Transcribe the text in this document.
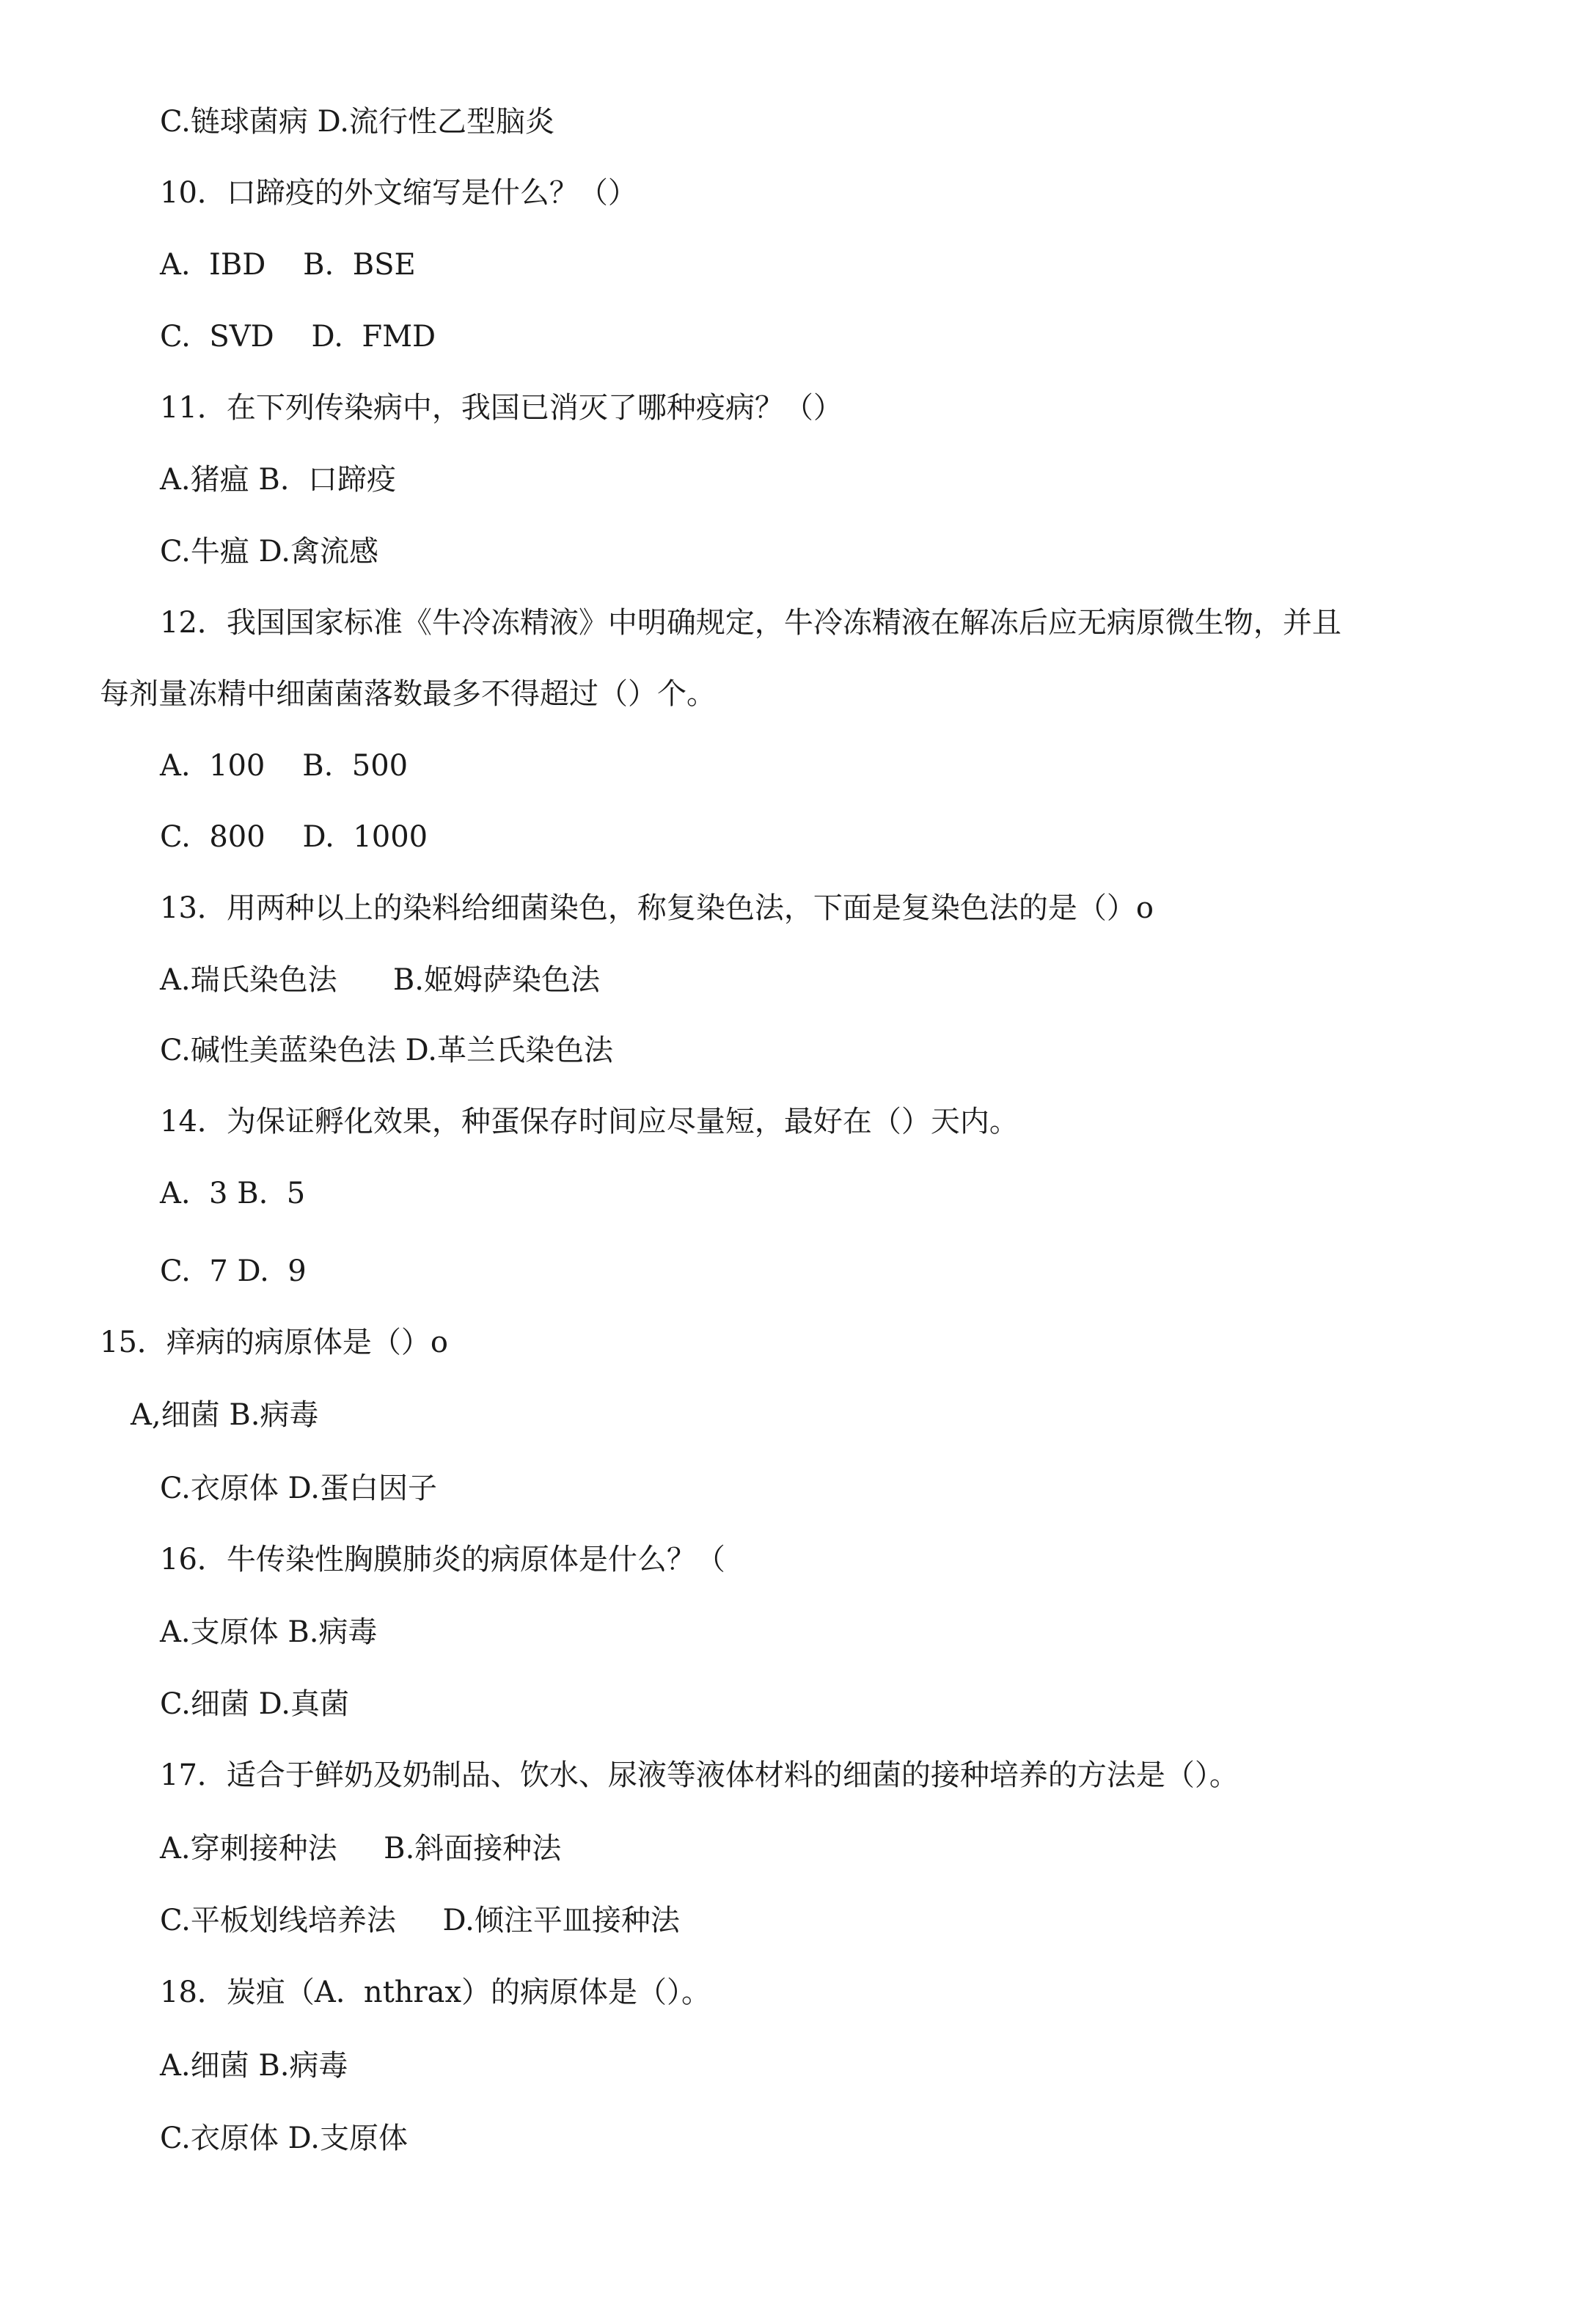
C.链球菌病 D.流行性乙型脑炎
10．口蹄疫的外文缩写是什么？（）
A.  IBD    B.  BSE
C.  SVD    D.  FMD
11．在下列传染病中，我国已消灭了哪种疫病？（）
A.猪瘟 B.  口蹄疫
C.牛瘟 D.禽流感
12．我国国家标准《牛冷冻精液》中明确规定，牛冷冻精液在解冻后应无病原微生物，并且
每剂量冻精中细菌菌落数最多不得超过（）个。
A.  100    B.  500
C.  800    D.  1000
13．用两种以上的染料给细菌染色，称复染色法，下面是复染色法的是（）o
A.瑞氏染色法      B.姬姆萨染色法
C.碱性美蓝染色法 D.革兰氏染色法
14．为保证孵化效果，种蛋保存时间应尽量短，最好在（）天内。
A.  3 B.  5
C.  7 D.  9
15．痒病的病原体是（）o
A,细菌 B.病毒
C.衣原体 D.蛋白因子
16．牛传染性胸膜肺炎的病原体是什么？（
A.支原体 B.病毒
C.细菌 D.真菌
17．适合于鲜奶及奶制品、饮水、尿液等液体材料的细菌的接种培养的方法是（）。
A.穿刺接种法     B.斜面接种法
C.平板划线培养法     D.倾注平皿接种法
18．炭疽（A.  nthrax）的病原体是（）。
A.细菌 B.病毒
C.衣原体 D.支原体
